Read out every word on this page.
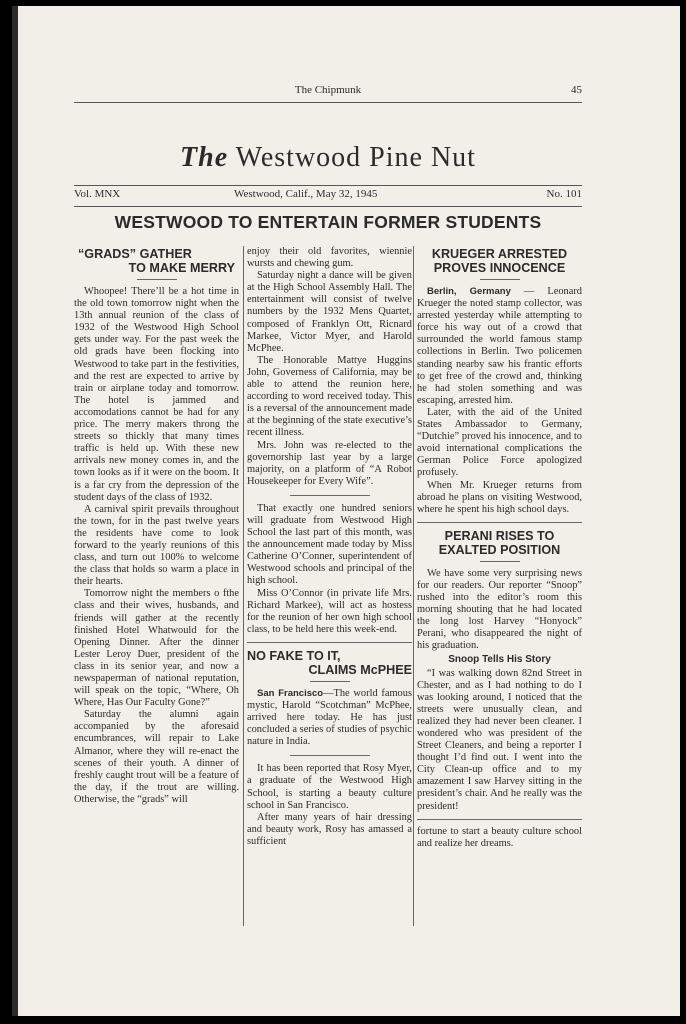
The Chipmunk	45
The Westwood Pine Nut
Vol. MNX	Westwood, Calif., May 32, 1945	No. 101
WESTWOOD TO ENTERTAIN FORMER STUDENTS
“GRADS” GATHER
TO MAKE MERRY

Whoopee! There’ll be a hot time in the old town tomorrow night when the 13th annual reunion of the class of 1932 of the Westwood High School gets under way. For the past week the old grads have been flocking into Westwood to take part in the festivities, and the rest are expected to arrive by train or airplane today and tomorrow. The hotel is jammed and accomodations cannot be had for any price. The merry makers throng the streets so thickly that many times traffic is held up. With these new arrivals new money comes in, and the town looks as if it were on the boom. It is a far cry from the depression of the student days of the class of 1932.

A carnival spirit prevails throughout the town, for in the past twelve years the residents have come to look forward to the yearly reunions of this class, and turn out 100% to welcome the class that holds so warm a place in their hearts.

Tomorrow night the members o fthe class and their wives, husbands, and friends will gather at the recently finished Hotel Whatwould for the Opening Dinner. After the dinner Lester Leroy Duer, president of the class in its senior year, and now a newspaperman of national reputation, will speak on the topic, “Where, Oh Where, Has Our Faculty Gone?”

Saturday the alumni again accompanied by the aforesaid encumbrances, will repair to Lake Almanor, where they will re-enact the scenes of their youth. A dinner of freshly caught trout will be a feature of the day, if the trout are willing. Otherwise, the “grads” will

enjoy their old favorites, wiennie wursts and chewing gum.

Saturday night a dance will be given at the High School Assembly Hall. The entertainment will consist of twelve numbers by the 1932 Mens Quartet, composed of Franklyn Ott, Ricnard Markee, Victor Myer, and Harold McPhee.

The Honorable Mattye Huggins John, Governess of California, may be able to attend the reunion here, according to word received today. This is a reversal of the announcement made at the beginning of the state executive’s recent illness.

Mrs. John was re-elected to the governorship last year by a large majority, on a platform of “A Robot Housekeeper for Every Wife”.

That exactly one hundred seniors will graduate from Westwood High School the last part of this month, was the announcement made today by Miss Catherine O’Conner, superintendent of Westwood schools and principal of the high school.

Miss O’Connor (in private life Mrs. Richard Markee), will act as hostess for the reunion of her own high school class, to be held here this week-end.

NO FAKE TO IT,
CLAIMS McPHEE

San Francisco—The world famous mystic, Harold “Scotchman” McPhee, arrived here today. He has just concluded a series of studies of psychic nature in India.

It has been reported that Rosy Myer, a graduate of the Westwood High School, is starting a beauty culture school in San Francisco.

After many years of hair dressing and beauty work, Rosy has amassed a sufficient

KRUEGER ARRESTED
PROVES INNOCENCE

Berlin, Germany — Leonard Krueger the noted stamp collector, was arrested yesterday while attempting to force his way out of a crowd that surrounded the world famous stamp collections in Berlin. Two policemen standing nearby saw his frantic efforts to get free of the crowd and, thinking he had stolen something and was escaping, arrested him.

Later, with the aid of the United States Ambassador to Germany, “Dutchie” proved his innocence, and to avoid international complications the German Police Force apologized profusely.

When Mr. Krueger returns from abroad he plans on visiting Westwood, where he spent his high school days.

PERANI RISES TO
EXALTED POSITION

We have some very surprising news for our readers. Our reporter “Snoop” rushed into the editor’s room this morning shouting that he had located the long lost Harvey “Honyock” Perani, who disappeared the night of his graduation.

Snoop Tells His Story

“I was walking down 82nd Street in Chester, and as I had nothing to do I was looking around, I noticed that the streets were unusually clean, and realized they had never been cleaner. I wondered who was president of the Street Cleaners, and being a reporter I thought I’d find out. I went into the City Clean-up office and to my amazement I saw Harvey sitting in the president’s chair. And he really was the president!

fortune to start a beauty culture school and realize her dreams.
